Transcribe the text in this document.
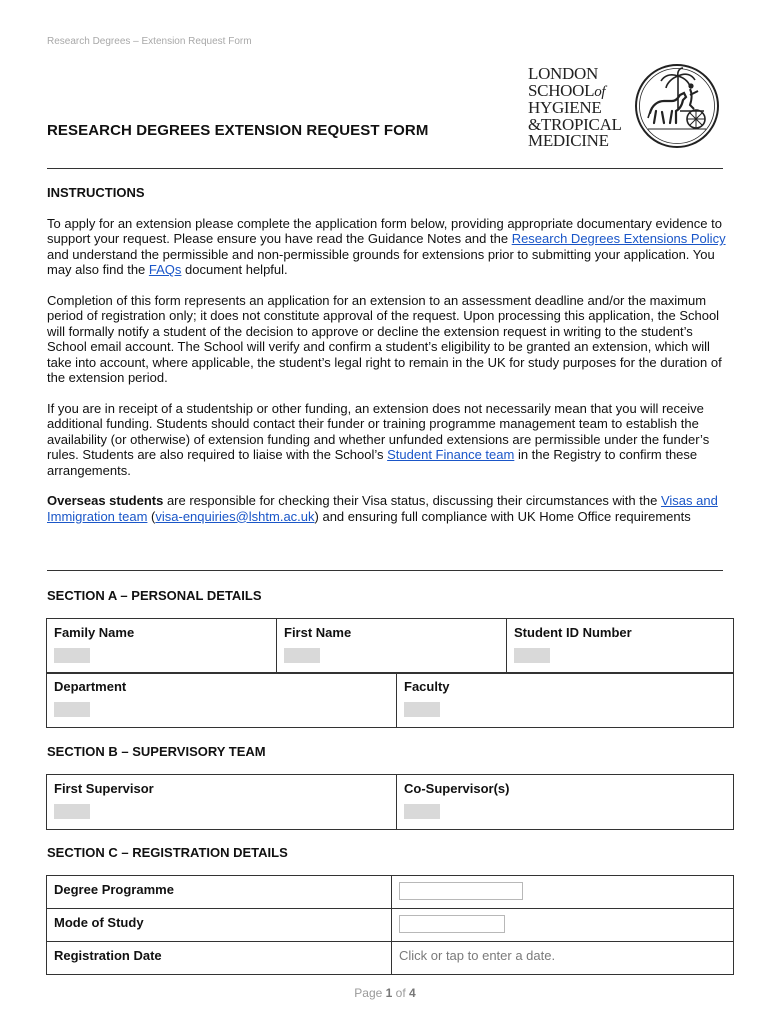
Research Degrees – Extension Request Form
RESEARCH DEGREES EXTENSION REQUEST FORM
LONDON
SCHOOLof
HYGIENE
&TROPICAL
MEDICINE
INSTRUCTIONS

To apply for an extension please complete the application form below, providing appropriate documentary evidence to support your request. Please ensure you have read the Guidance Notes and the Research Degrees Extensions Policy and understand the permissible and non-permissible grounds for extensions prior to submitting your application. You may also find the FAQs document helpful.

Completion of this form represents an application for an extension to an assessment deadline and/or the maximum period of registration only; it does not constitute approval of the request. Upon processing this application, the School will formally notify a student of the decision to approve or decline the extension request in writing to the student’s School email account. The School will verify and confirm a student’s eligibility to be granted an extension, which will take into account, where applicable, the student’s legal right to remain in the UK for study purposes for the duration of the extension period.

If you are in receipt of a studentship or other funding, an extension does not necessarily mean that you will receive additional funding. Students should contact their funder or training programme management team to establish the availability (or otherwise) of extension funding and whether unfunded extensions are permissible under the funder’s rules. Students are also required to liaise with the School’s Student Finance team in the Registry to confirm these arrangements.

Overseas students are responsible for checking their Visa status, discussing their circumstances with the Visas and Immigration team (visa-enquiries@lshtm.ac.uk) and ensuring full compliance with UK Home Office requirements

SECTION A – PERSONAL DETAILS
Family Name	First Name	Student ID Number
Department	Faculty
SECTION B – SUPERVISORY TEAM
First Supervisor	Co-Supervisor(s)
SECTION C – REGISTRATION DETAILS
Degree Programme	

Mode of Study	

Registration Date	Click or tap to enter a date.
Page 1 of 4
